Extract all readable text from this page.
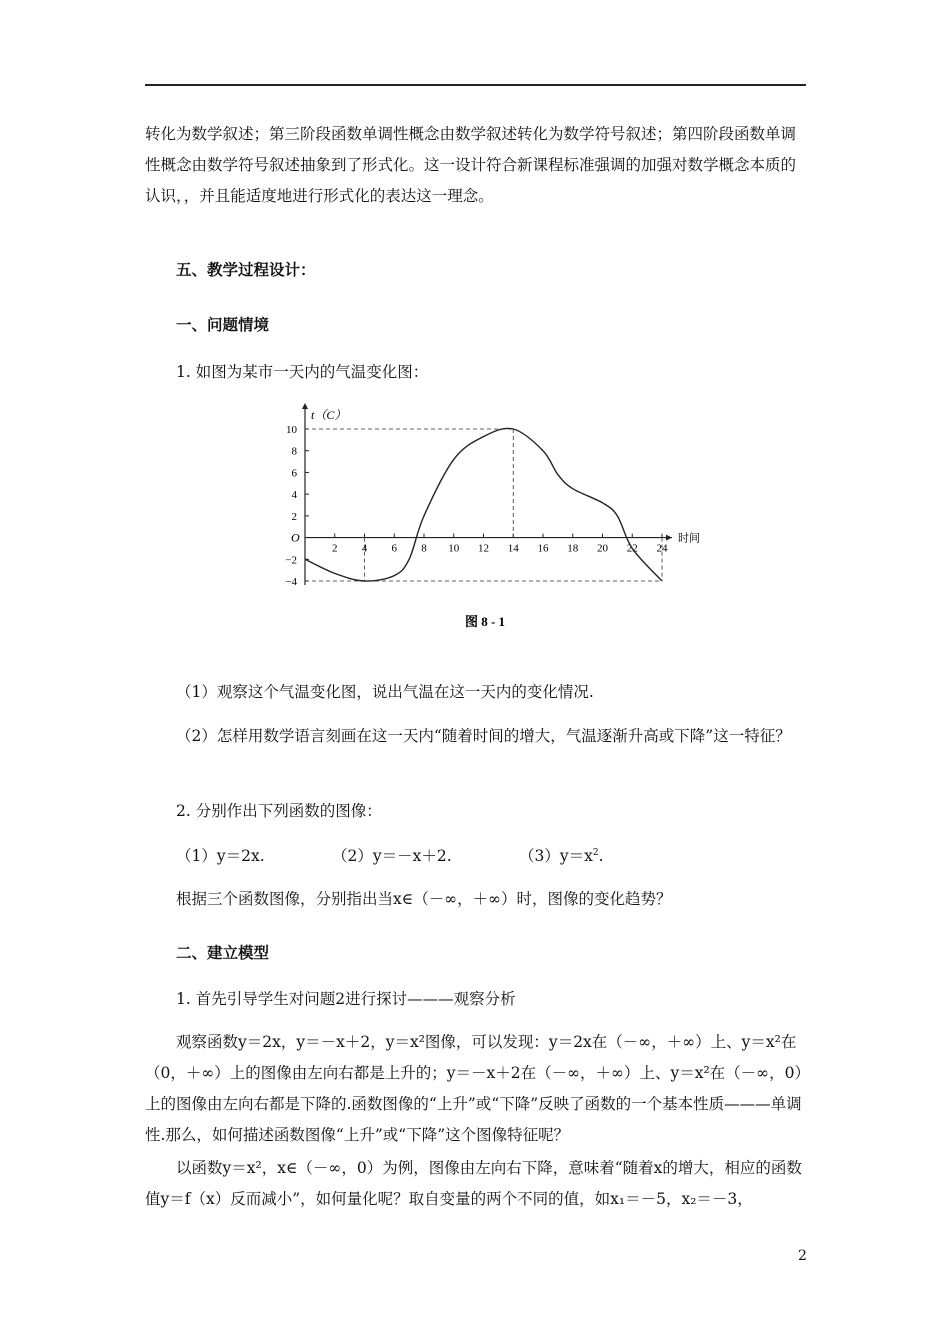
转化为数学叙述；第三阶段函数单调性概念由数学叙述转化为数学符号叙述；第四阶段函数单调性概念由数学符号叙述抽象到了形式化。这一设计符合新课程标准强调的加强对数学概念本质的认识，，并且能适度地进行形式化的表达这一理念。

五、教学过程设计：

一、问题情境

1. 如图为某市一天内的气温变化图：

t（C）
时间
O
2 4 6 8 10 12 14 16 18 20 22 24
10
8
6
4
2
−2
−4
图 8 - 1

（1）观察这个气温变化图，说出气温在这一天内的变化情况.

（2）怎样用数学语言刻画在这一天内“随着时间的增大，气温逐渐升高或下降”这一特征？

2. 分别作出下列函数的图像：

（1）y＝2x.	（2）y＝－x＋2.	$(3)y=x^2$.

根据三个函数图像，分别指出当x∈（－∞，＋∞）时，图像的变化趋势？

二、建立模型

1. 首先引导学生对问题2进行探讨———观察分析

观察函数y＝2x，y＝－x＋2，y＝x²图像，可以发现：y＝2x在（－∞，＋∞）上、y＝x²在（0，＋∞）上的图像由左向右都是上升的；y＝－x＋2在（－∞，＋∞）上、y＝x²在（－∞，0）上的图像由左向右都是下降的.函数图像的“上升”或“下降”反映了函数的一个基本性质———单调性.那么，如何描述函数图像“上升”或“下降”这个图像特征呢？

以函数y＝x²，x∈（－∞，0）为例，图像由左向右下降，意味着“随着x的增大，相应的函数值y＝f（x）反而减小”，如何量化呢？取自变量的两个不同的值，如x₁＝－5，x₂＝－3，

2
